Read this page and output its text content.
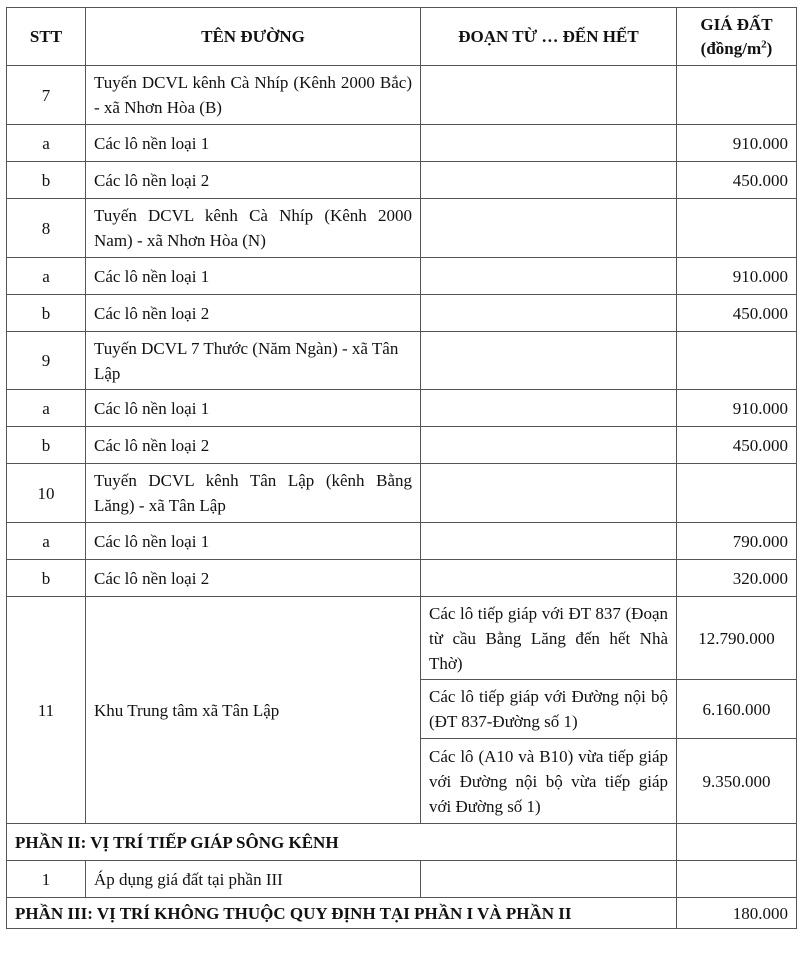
STT	TÊN ĐƯỜNG	ĐOẠN TỪ … ĐẾN HẾT	GIÁ ĐẤT
$(đồng/m^2)$

7	Tuyến DCVL kênh Cà Nhíp (Kênh 2000 Bắc) - xã Nhơn Hòa (B)		
a	Các lô nền loại 1		910.000
b	Các lô nền loại 2		450.000
8	Tuyến DCVL kênh Cà Nhíp (Kênh 2000 Nam) - xã Nhơn Hòa (N)		
a	Các lô nền loại 1		910.000
b	Các lô nền loại 2		450.000
9	Tuyến DCVL 7 Thước (Năm Ngàn) - xã Tân Lập		
a	Các lô nền loại 1		910.000
b	Các lô nền loại 2		450.000
10	Tuyến DCVL kênh Tân Lập (kênh Bằng Lăng) - xã Tân Lập		
a	Các lô nền loại 1		790.000
b	Các lô nền loại 2		320.000
11	Khu Trung tâm xã Tân Lập	Các lô tiếp giáp với ĐT 837 (Đoạn từ cầu Bằng Lăng đến hết Nhà Thờ)	12.790.000
		Các lô tiếp giáp với Đường nội bộ (ĐT 837-Đường số 1)	6.160.000
		Các lô (A10 và B10) vừa tiếp giáp với Đường nội bộ vừa tiếp giáp với Đường số 1)	9.350.000
PHẦN II: VỊ TRÍ TIẾP GIÁP SÔNG KÊNH			
1	Áp dụng giá đất tại phần III		
PHẦN III: VỊ TRÍ KHÔNG THUỘC QUY ĐỊNH TẠI PHẦN I VÀ PHẦN II			180.000
